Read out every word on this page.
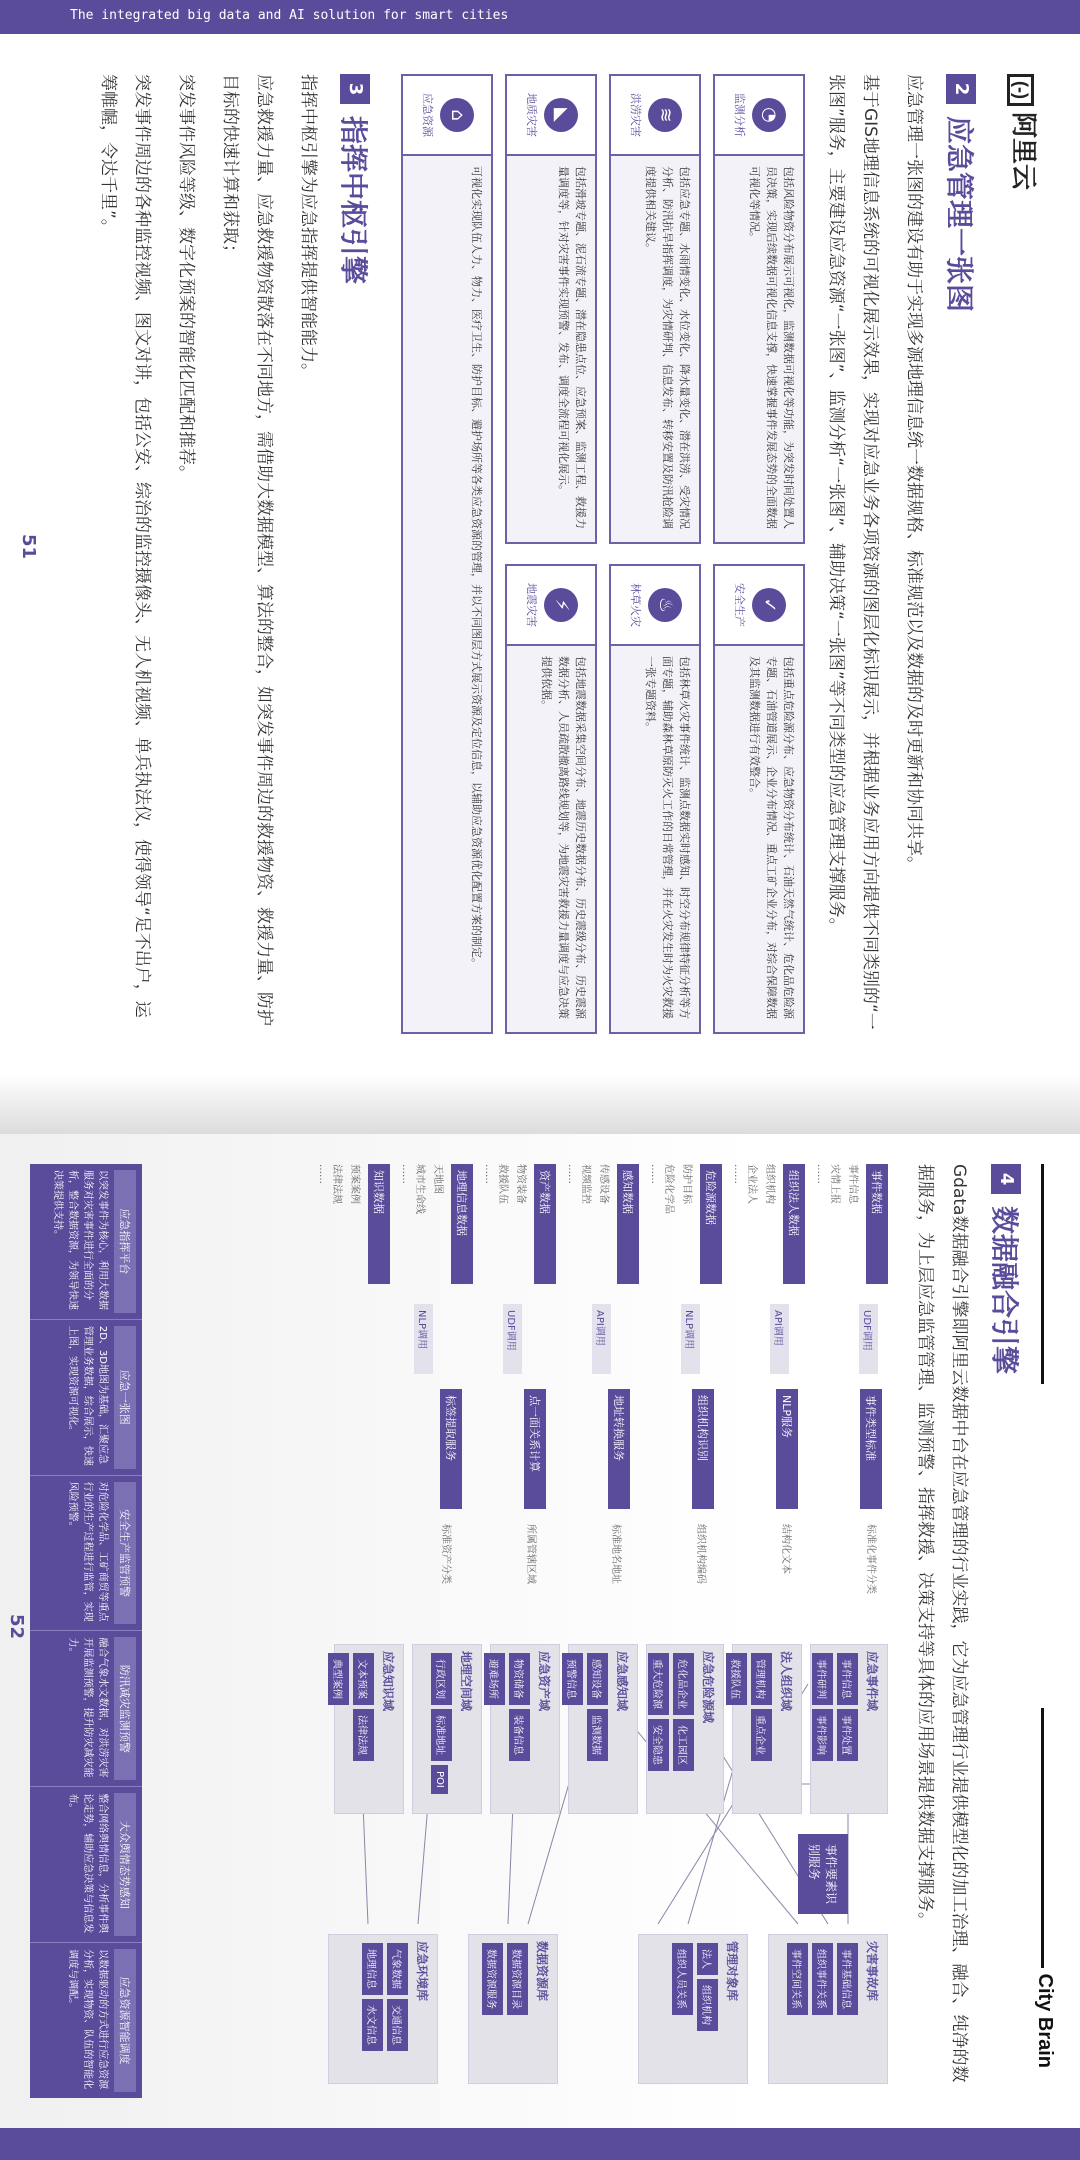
The integrated big data and AI solution for smart cities
(-)阿里云
2
应急管理一张图

应急管理一张图的建设有助于实现多源地理信息统一数据规格、标准规范以及数据的及时更新和协同共享。

基于GIS地理信息系统的可视化展示效果，实现对应急业务各项资源的图层化标识展示，并根据业务应用方向提供不同类别的“一张图”服务，主要建设应急资源“一张图”、监测分析“一张图”、辅助决策“一张图”等不同类型的应急管理支撑服务。

◔
监测分析
包括风险物资分布展示可视化，监测数据可视化等功能，为突发时间处置人员决策，实现后续数据可视化信息支撑，快速掌握事件发展态势的全面数据可视化等情况。
✓
安全生产
包括重点危险源分布、应急物资分布统计、石油天然气统计、危化品危险源专题、石油管道展示、企业分布情况、重点工矿企业分布，对综合保障数据及其监测数据进行有效整合。
≋
洪涝灾害
包括应急专题、水雨情变化、水位变化、降水量变化、潜在洪涝、受灾情况分析、防汛抗旱指挥调度，为灾情研判、信息发布、转移安置及防汛抢险调度提供相关建议。
♨
林草火灾
包括林草火灾事件统计、监测点数据实时感知、时空分布规律特征分析等方面专题，辅助森林草原防灭火工作的日常管理，并在火灾发生时为火灾救援一张专题资料。
◣
地质灾害
包括滑坡专题、泥石流专题、潜在隐患点位、应急预案、监测工程、救援力量调度等，针对灾害事件实现预警、发布、调度全流程可视化展示。
⚡
地震灾害
包括地震数据采集空间分布、地震历史数据分布、历史震级分布、历史震源数据分析、人员疏散撤离路线规划等，为地震灾害救援力量调度与应急决策提供依据。
⌂
应急资源
可视化实现队伍人力、物力、医疗卫生、防护目标、避护场所等各类应急资源的管理，并以不同图层方式展示资源及定位信息，以辅助应急资源优化配置方案的制定。
3
指挥中枢引擎

指挥中枢引擎为应急指挥提供智能能力。

应急救援力量、应急救援物资散落在不同地方，需借助大数据模型、算法的整合，如突发事件周边的救援物资、救援力量、防护目标的快速计算和获取；

突发事件风险等级、数字化预案的智能化匹配和推荐。

突发事件周边的各种监控视频、图文对讲，包括公安、综治的监控摄像头、无人机视频、单兵执法仪，使得领导“足不出户，运筹帷幄，令达千里”。

51
City Brain
4
数据融合引擎

Gdata数据融合引擎即阿里云数据中台在应急管理的行业实践，它为应急管理行业提供模型化的加工治理、融合、纯净的数据服务，为上层应急监管管理、监测预警、指挥救援、决策支持等具体的应用场景提供数据支撑服务。

事件数据
事件信息
灾情上报
……
组织法人数据
组织机构
企业法人
……
危险源数据
防护目标
危险化学品
……
感知数据
传感设备
视频监控
……
资产数据
物资装备
救援队伍
……
地理信息数据
天地图
城市生命线
……
知识数据
预案案例
法律法规
……
UDF调用
API调用
NLP调用
API调用
UDF调用
NLP调用
事件类型标准
NLP服务
组织机构识别
地址转换服务
点一面关系计算
标签提取服务
标准化事件分类
结构化文本
组织机构编码
标准地名地址
所属管辖区域
标准资产分类
应急事件域
事件信息事件处置事件研判事件影响
法人组织域
管理机构重点企业救援队伍
应急危险源域
危化品企业化工园区重大危险源安全隐患
应急感知域
感知设备监测数据预警信息
应急资产域
物资储备装备信息避难场所
地理空间域
行政区划标准地址POI
应急知识域
文本预案法律法规典型案例
事件要素识别服务
灾害事故库
事件基础信息组织事件关系事件空间关系
管理对象库
法人组织机构组织人员关系
数据资源库
数据资源目录数据资源服务
应急环境库
气象数据交通信息地理信息水文信息
应急指挥平台
以突发事件为核心，利用大数据服务对灾害事件进行全面的分析，整合数据资源，为领导快速决策提供支持。
应急一张图
2D、3D地图为基础，汇聚应急管理业务数据，综合展示，快速上图，实现资源可视化。
安全生产监管预警
对危险化学品、工矿商贸等重点行业的生产过程进行监管，实现风险预警。
防汛减灾监测预警
融合气象水文数据，对洪涝灾害开展监测预警，提升防灾减灾能力。
大众舆情态势感知
整合网络舆情信息，分析事件舆论走势，辅助应急决策与信息发布。
应急资源智能调度
以数据驱动的方式进行应急资源分析，实现物资、队伍的智能化调度与调配。
52
